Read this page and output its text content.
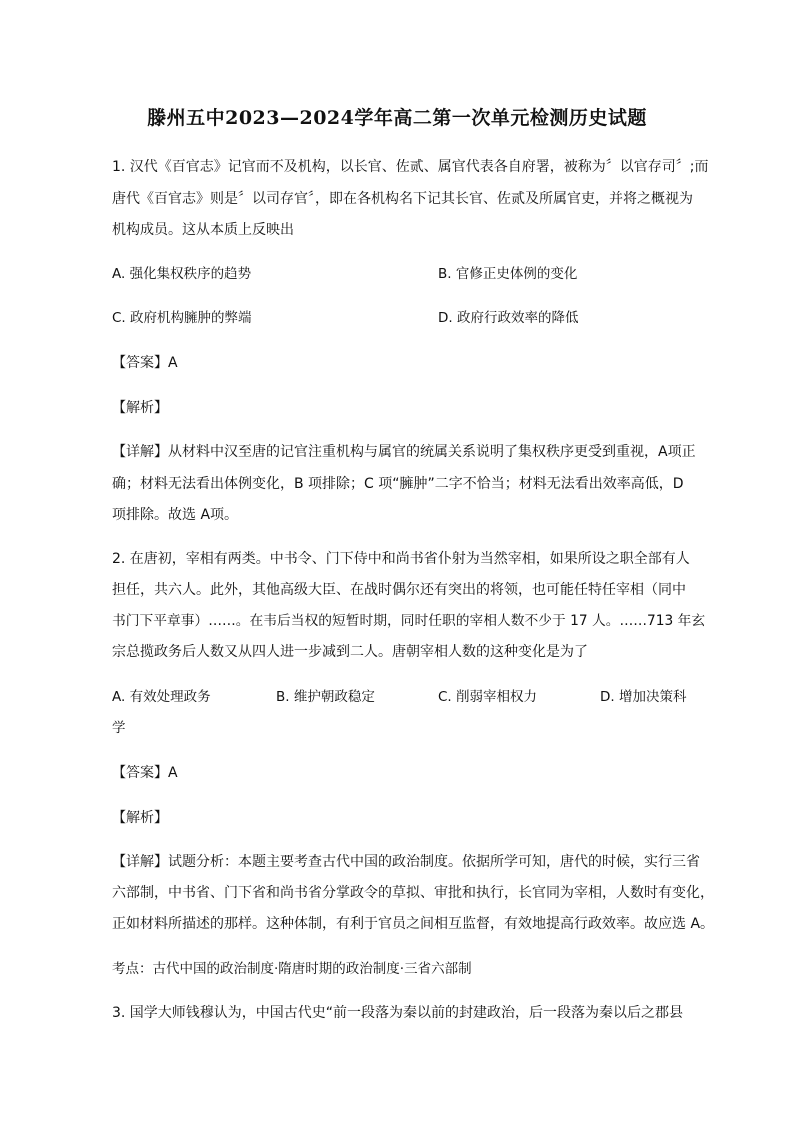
滕州五中2023—2024学年高二第一次单元检测历史试题
1. 汉代《百官志》记官而不及机构，以长官、佐贰、属官代表各自府署，被称为〞以官存司〞;而
唐代《百官志》则是〞以司存官〞，即在各机构名下记其长官、佐贰及所属官吏，并将之概视为
机构成员。这从本质上反映出
A. 强化集权秩序的趋势	B. 官修正史体例的变化
C. 政府机构臃肿的弊端	D. 政府行政效率的降低
【答案】A
【解析】
【详解】从材料中汉至唐的记官注重机构与属官的统属关系说明了集权秩序更受到重视，A项正
确；材料无法看出体例变化，B 项排除；C 项“臃肿”二字不恰当；材料无法看出效率高低，D
项排除。故选 A项。
2. 在唐初，宰相有两类。中书令、门下侍中和尚书省仆射为当然宰相，如果所设之职全部有人
担任，共六人。此外，其他高级大臣、在战时偶尔还有突出的将领，也可能任特任宰相（同中
书门下平章事）……。在韦后当权的短暂时期，同时任职的宰相人数不少于 17 人。……713 年玄
宗总揽政务后人数又从四人进一步减到二人。唐朝宰相人数的这种变化是为了
A. 有效处理政务	B. 维护朝政稳定	C. 削弱宰相权力	D. 增加决策科
学
【答案】A
【解析】
【详解】试题分析：本题主要考查古代中国的政治制度。依据所学可知，唐代的时候，实行三省
六部制，中书省、门下省和尚书省分掌政令的草拟、审批和执行，长官同为宰相，人数时有变化，
正如材料所描述的那样。这种体制，有利于官员之间相互监督，有效地提高行政效率。故应选 A。
考点：古代中国的政治制度·隋唐时期的政治制度·三省六部制
3. 国学大师钱穆认为，中国古代史“前一段落为秦以前的封建政治，后一段落为秦以后之郡县
